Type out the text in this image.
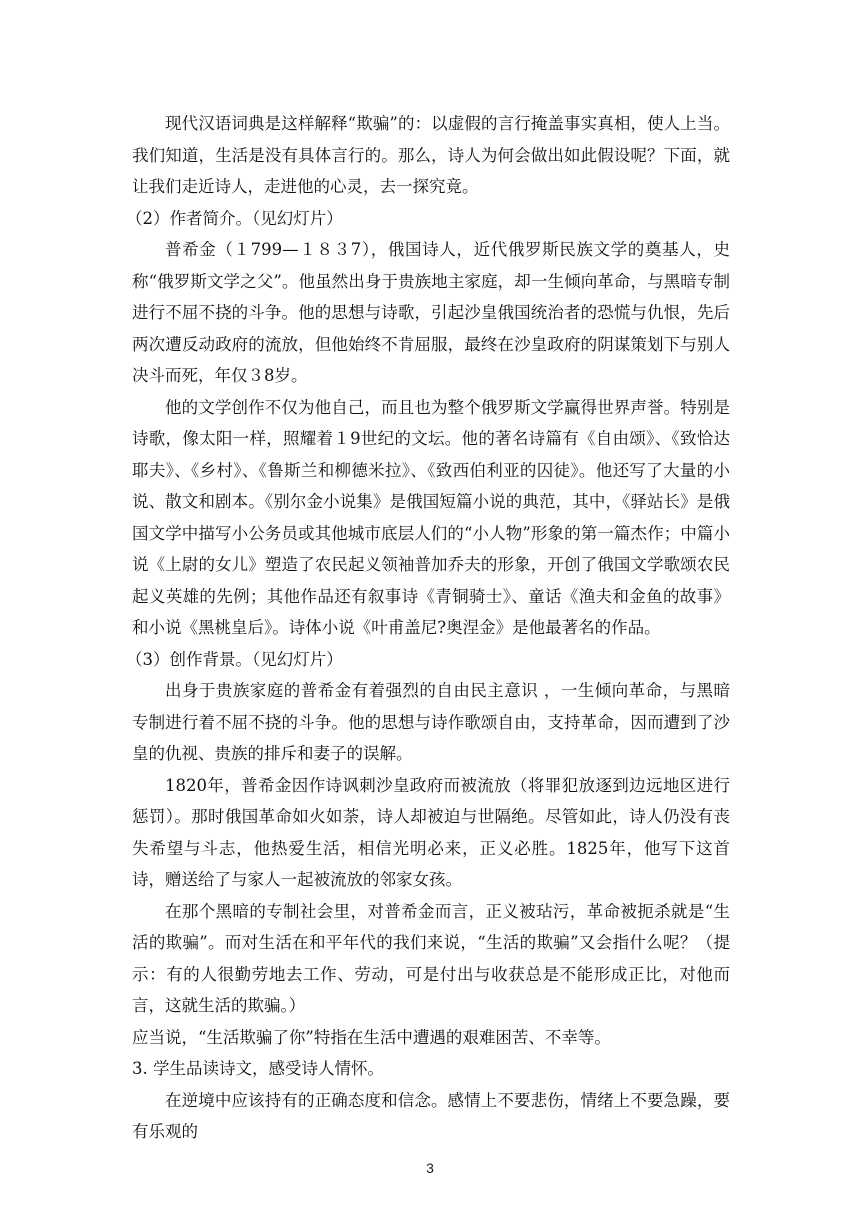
现代汉语词典是这样解释“欺骗”的：以虚假的言行掩盖事实真相，使人上当。我们知道，生活是没有具体言行的。那么，诗人为何会做出如此假设呢？下面，就让我们走近诗人，走进他的心灵，去一探究竟。

（2）作者简介。（见幻灯片）

普希金（１799—１８３7），俄国诗人，近代俄罗斯民族文学的奠基人，史称“俄罗斯文学之父”。他虽然出身于贵族地主家庭，却一生倾向革命，与黑暗专制进行不屈不挠的斗争。他的思想与诗歌，引起沙皇俄国统治者的恐慌与仇恨，先后两次遭反动政府的流放，但他始终不肯屈服，最终在沙皇政府的阴谋策划下与别人决斗而死，年仅３8岁。

他的文学创作不仅为他自己，而且也为整个俄罗斯文学赢得世界声誉。特别是诗歌，像太阳一样，照耀着１9世纪的文坛。他的著名诗篇有《自由颂》、《致恰达耶夫》、《乡村》、《鲁斯兰和柳德米拉》、《致西伯利亚的囚徒》。他还写了大量的小说、散文和剧本。《别尔金小说集》是俄国短篇小说的典范，其中，《驿站长》是俄国文学中描写小公务员或其他城市底层人们的“小人物”形象的第一篇杰作；中篇小说《上尉的女儿》塑造了农民起义领袖普加乔夫的形象，开创了俄国文学歌颂农民起义英雄的先例；其他作品还有叙事诗《青铜骑士》、童话《渔夫和金鱼的故事》和小说《黑桃皇后》。诗体小说《叶甫盖尼?奥涅金》是他最著名的作品。

（3）创作背景。（见幻灯片）

出身于贵族家庭的普希金有着强烈的自由民主意识 ，一生倾向革命，与黑暗专制进行着不屈不挠的斗争。他的思想与诗作歌颂自由，支持革命，因而遭到了沙皇的仇视、贵族的排斥和妻子的误解。

1820年，普希金因作诗讽刺沙皇政府而被流放（将罪犯放逐到边远地区进行惩罚）。那时俄国革命如火如荼，诗人却被迫与世隔绝。尽管如此，诗人仍没有丧失希望与斗志，他热爱生活，相信光明必来，正义必胜。1825年，他写下这首诗，赠送给了与家人一起被流放的邻家女孩。

在那个黑暗的专制社会里，对普希金而言，正义被玷污，革命被扼杀就是“生活的欺骗”。而对生活在和平年代的我们来说，“生活的欺骗”又会指什么呢？（提示：有的人很勤劳地去工作、劳动，可是付出与收获总是不能形成正比，对他而言，这就生活的欺骗。）

应当说，“生活欺骗了你”特指在生活中遭遇的艰难困苦、不幸等。

3. 学生品读诗文，感受诗人情怀。

在逆境中应该持有的正确态度和信念。感情上不要悲伤，情绪上不要急躁，要有乐观的

3
